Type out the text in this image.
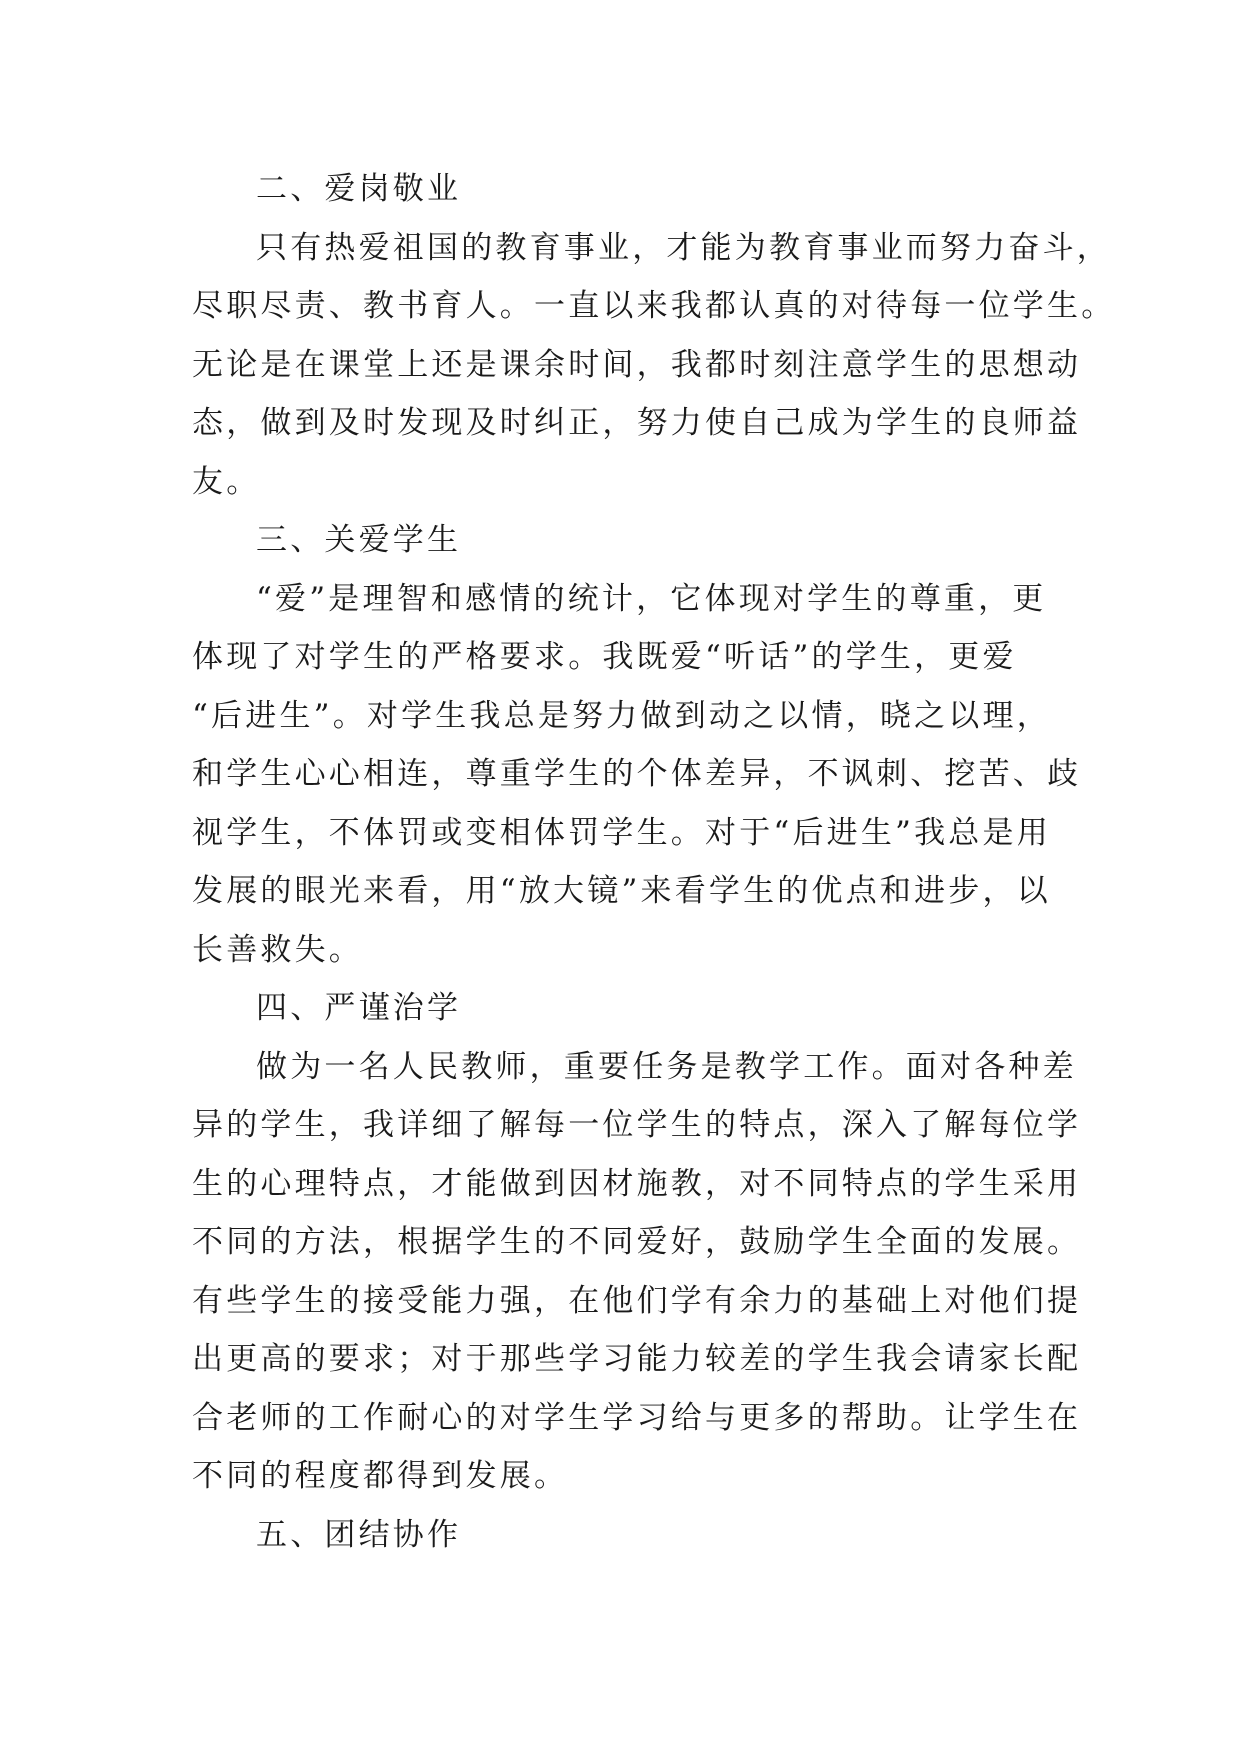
二、爱岗敬业
只有热爱祖国的教育事业，才能为教育事业而努力奋斗，
尽职尽责、教书育人。一直以来我都认真的对待每一位学生。
无论是在课堂上还是课余时间，我都时刻注意学生的思想动
态，做到及时发现及时纠正，努力使自己成为学生的良师益
友。
三、关爱学生
“爱”是理智和感情的统计，它体现对学生的尊重，更
体现了对学生的严格要求。我既爱“听话”的学生，更爱
“后进生”。对学生我总是努力做到动之以情，晓之以理，
和学生心心相连，尊重学生的个体差异，不讽刺、挖苦、歧
视学生，不体罚或变相体罚学生。对于“后进生”我总是用
发展的眼光来看，用“放大镜”来看学生的优点和进步，以
长善救失。
四、严谨治学
做为一名人民教师，重要任务是教学工作。面对各种差
异的学生，我详细了解每一位学生的特点，深入了解每位学
生的心理特点，才能做到因材施教，对不同特点的学生采用
不同的方法，根据学生的不同爱好，鼓励学生全面的发展。
有些学生的接受能力强，在他们学有余力的基础上对他们提
出更高的要求；对于那些学习能力较差的学生我会请家长配
合老师的工作耐心的对学生学习给与更多的帮助。让学生在
不同的程度都得到发展。
五、团结协作
